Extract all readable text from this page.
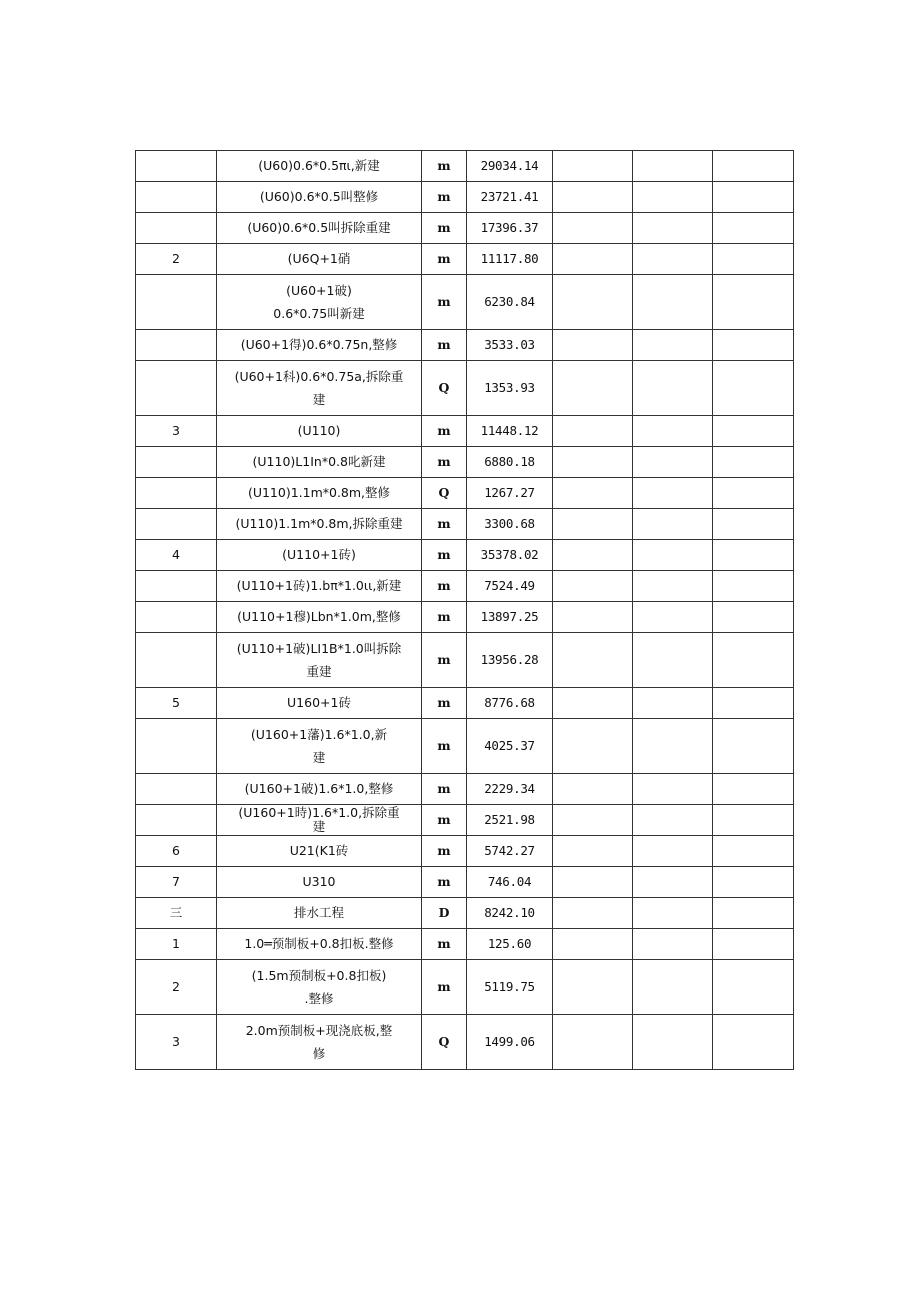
	(U60)0.6*0.5πι,新建	m	29034.14			
	(U60)0.6*0.5叫整修	m	23721.41			
	(U60)0.6*0.5叫拆除重建	m	17396.37			
2	(U6Q+1硝	m	11117.80			
	(U60+1破)
0.6*0.75叫新建	m	6230.84			
	(U60+1得)0.6*0.75n,整修	m	3533.03			
	(U60+1科)0.6*0.75a,拆除重
建	Q	1353.93			
3	(U110)	m	11448.12			
	(U110)L1In*0.8叱新建	m	6880.18			
	(U110)1.1m*0.8m,整修	Q	1267.27			
	(U110)1.1m*0.8m,拆除重建	m	3300.68			
4	(U110+1砖)	m	35378.02			
	(U110+1砖)1.bπ*1.0ιι,新建	m	7524.49			
	(U110+1穆)Lbn*1.0m,整修	m	13897.25			
	(U110+1破)LI1B*1.0叫拆除
重建	m	13956.28			
5	U160+1砖	m	8776.68			
	(U160+1藩)1.6*1.0,新
建	m	4025.37			
	(U160+1破)1.6*1.0,整修	m	2229.34			
	(U160+1時)1.6*1.0,拆除重
建	m	2521.98			
6	U21(K1砖	m	5742.27			
7	U310	m	746.04			
三	排水工程	D	8242.10			
1	1.0═预制板+0.8扣板.整修	m	125.60			
2	(1.5m预制板+0.8扣板)
.整修	m	5119.75			
3	2.0m预制板+现浇底板,整
修	Q	1499.06			
